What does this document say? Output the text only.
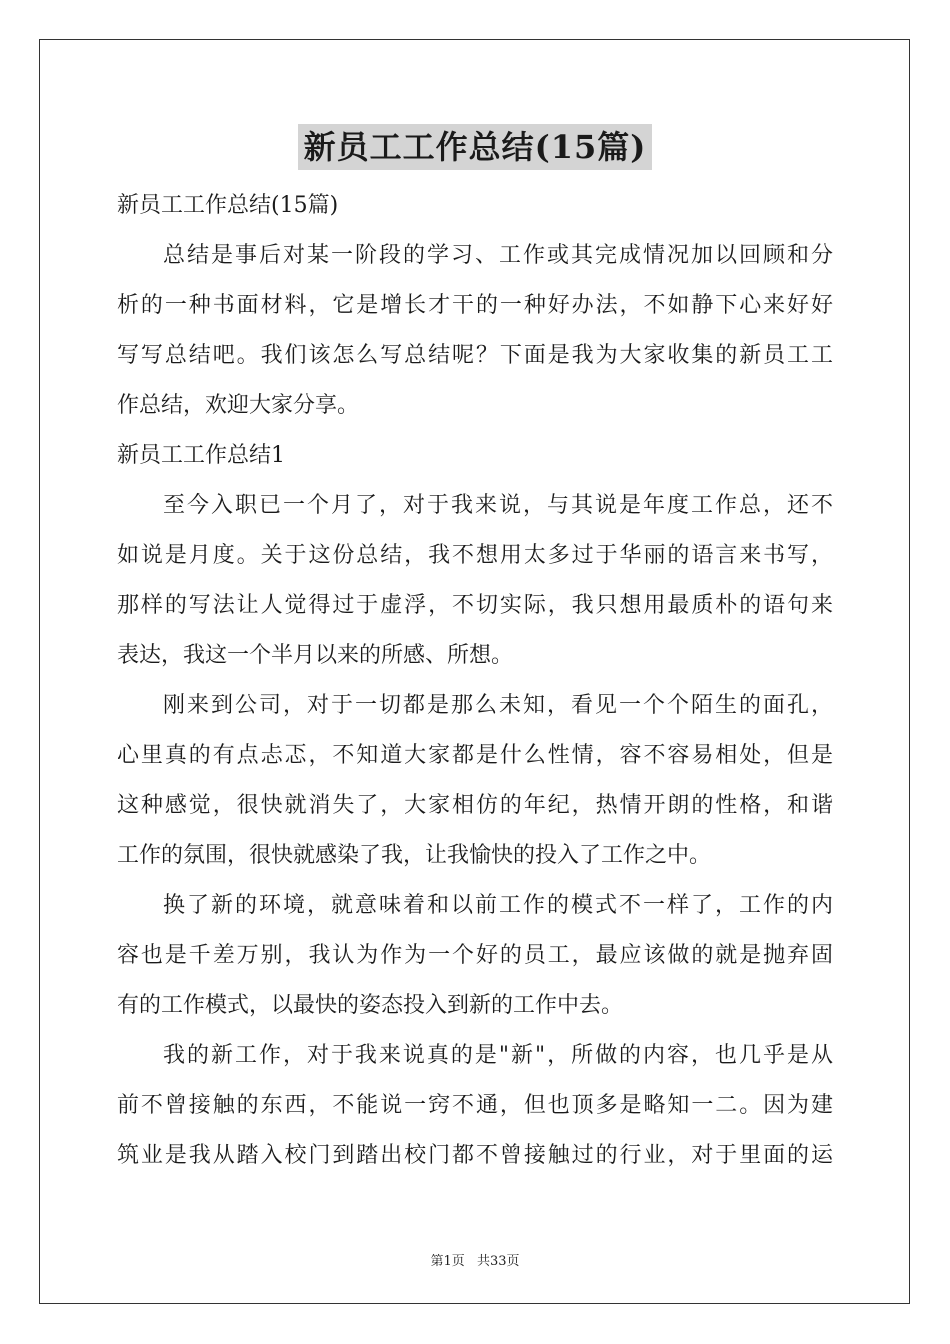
新员工工作总结(15篇)
新员工工作总结(15篇)
总结是事后对某一阶段的学习、工作或其完成情况加以回顾和分
析的一种书面材料，它是增长才干的一种好办法，不如静下心来好好
写写总结吧。我们该怎么写总结呢？下面是我为大家收集的新员工工
作总结，欢迎大家分享。
新员工工作总结1
至今入职已一个月了，对于我来说，与其说是年度工作总，还不
如说是月度。关于这份总结，我不想用太多过于华丽的语言来书写，
那样的写法让人觉得过于虚浮，不切实际，我只想用最质朴的语句来
表达，我这一个半月以来的所感、所想。
刚来到公司，对于一切都是那么未知，看见一个个陌生的面孔，
心里真的有点忐忑，不知道大家都是什么性情，容不容易相处，但是
这种感觉，很快就消失了，大家相仿的年纪，热情开朗的性格，和谐
工作的氛围，很快就感染了我，让我愉快的投入了工作之中。
换了新的环境，就意味着和以前工作的模式不一样了，工作的内
容也是千差万别，我认为作为一个好的员工，最应该做的就是抛弃固
有的工作模式，以最快的姿态投入到新的工作中去。
我的新工作，对于我来说真的是"新"，所做的内容，也几乎是从
前不曾接触的东西，不能说一窍不通，但也顶多是略知一二。因为建
筑业是我从踏入校门到踏出校门都不曾接触过的行业，对于里面的运
第1页 共33页
